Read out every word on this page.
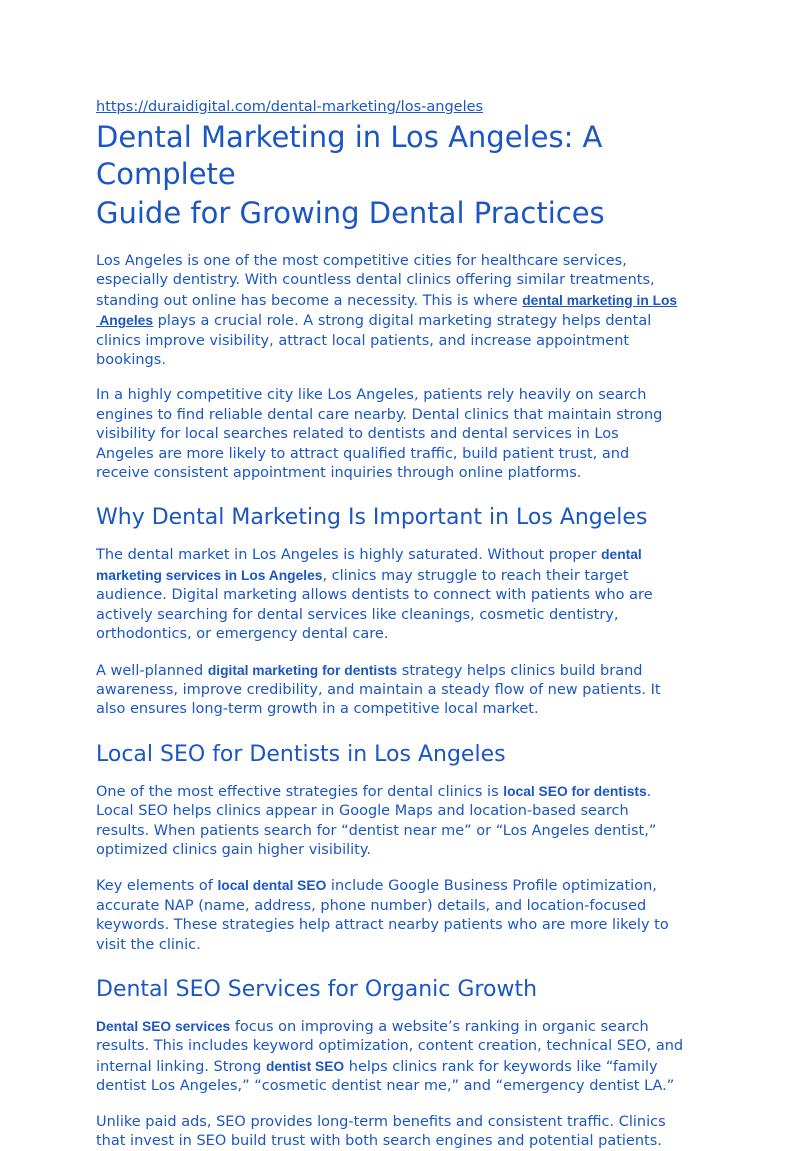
https://duraidigital.com/dental-marketing/los-angeles
Dental Marketing in Los Angeles: A
Complete
Guide for Growing Dental Practices

Los Angeles is one of the most competitive cities for healthcare services,
especially dentistry. With countless dental clinics offering similar treatments,
standing out online has become a necessity. This is where dental marketing in Los
Angeles plays a crucial role. A strong digital marketing strategy helps dental
clinics improve visibility, attract local patients, and increase appointment
bookings.

In a highly competitive city like Los Angeles, patients rely heavily on search
engines to find reliable dental care nearby. Dental clinics that maintain strong
visibility for local searches related to dentists and dental services in Los
Angeles are more likely to attract qualified traffic, build patient trust, and
receive consistent appointment inquiries through online platforms.

Why Dental Marketing Is Important in Los Angeles

The dental market in Los Angeles is highly saturated. Without proper dental
marketing services in Los Angeles, clinics may struggle to reach their target
audience. Digital marketing allows dentists to connect with patients who are
actively searching for dental services like cleanings, cosmetic dentistry,
orthodontics, or emergency dental care.

A well-planned digital marketing for dentists strategy helps clinics build brand
awareness, improve credibility, and maintain a steady flow of new patients. It
also ensures long-term growth in a competitive local market.

Local SEO for Dentists in Los Angeles

One of the most effective strategies for dental clinics is local SEO for dentists.
Local SEO helps clinics appear in Google Maps and location-based search
results. When patients search for “dentist near me” or “Los Angeles dentist,”
optimized clinics gain higher visibility.

Key elements of local dental SEO include Google Business Profile optimization,
accurate NAP (name, address, phone number) details, and location-focused
keywords. These strategies help attract nearby patients who are more likely to
visit the clinic.

Dental SEO Services for Organic Growth

Dental SEO services focus on improving a website’s ranking in organic search
results. This includes keyword optimization, content creation, technical SEO, and
internal linking. Strong dentist SEO helps clinics rank for keywords like “family
dentist Los Angeles,” “cosmetic dentist near me,” and “emergency dentist LA.”

Unlike paid ads, SEO provides long-term benefits and consistent traffic. Clinics
that invest in SEO build trust with both search engines and potential patients.
